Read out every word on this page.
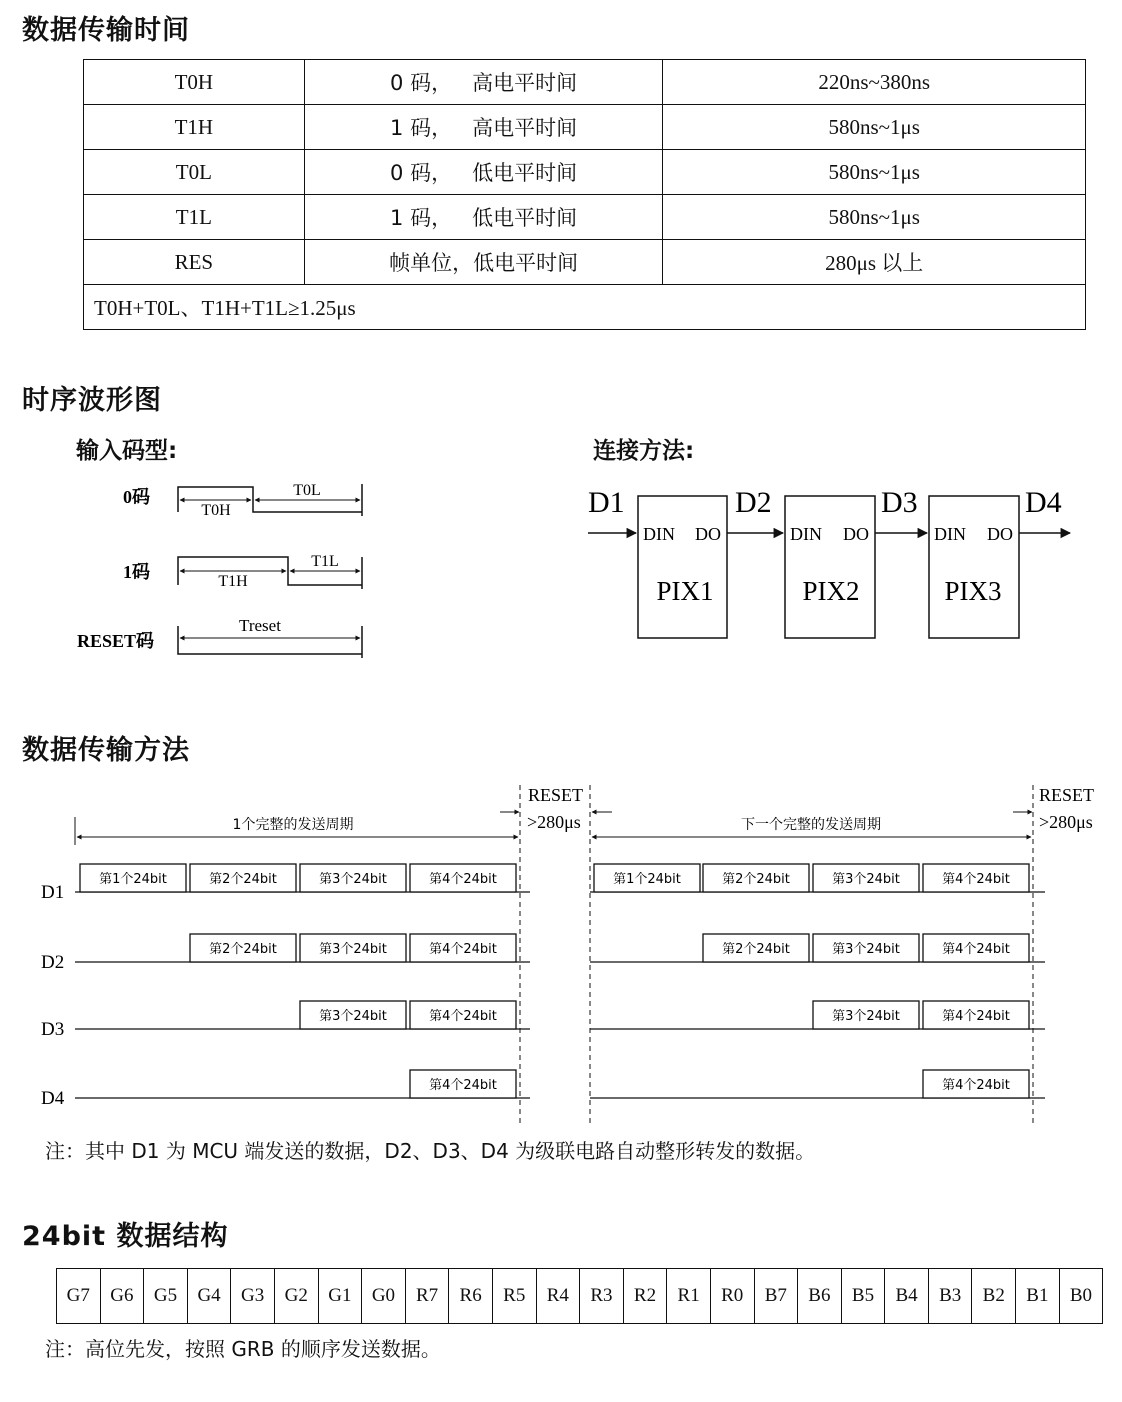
数据传输时间
时序波形图
数据传输方法
24bit 数据结构
T0H	0 码，   高电平时间	220ns~380ns
T1H	1 码，   高电平时间	580ns~1μs
T0L	0 码，   低电平时间	580ns~1μs
T1L	1 码，   低电平时间	580ns~1μs
RES	帧单位，低电平时间	280μs 以上
T0H+T0L、T1H+T1L≥1.25μs		

输入码型:	连接方法:

0码
T0H
T0L
1码	T1H
T1L
RESET码
Treset
D1	D2	D3	D4
DIN DO	DIN DO	DIN DO
PIX1	PIX2	PIX3
1个完整的发送周期
RESET
>280μs	下一个完整的发送周期
RESET
>280μs
D1
D2
D3
D4
第1个24bit	第2个24bit	第3个24bit	第4个24bit
第2个24bit	第3个24bit	第4个24bit
第3个24bit	第4个24bit
第4个24bit
第1个24bit	第2个24bit	第3个24bit	第4个24bit
第2个24bit	第3个24bit	第4个24bit
第3个24bit	第4个24bit
第4个24bit

注：其中 D1 为 MCU 端发送的数据，D2、D3、D4 为级联电路自动整形转发的数据。

G7	G6	G5	G4	G3	G2	G1	G0	R7	R6	R5	R4	R3	R2	R1	R0	B7	B6	B5	B4	B3	B2	B1	B0

注：高位先发，按照 GRB 的顺序发送数据。
